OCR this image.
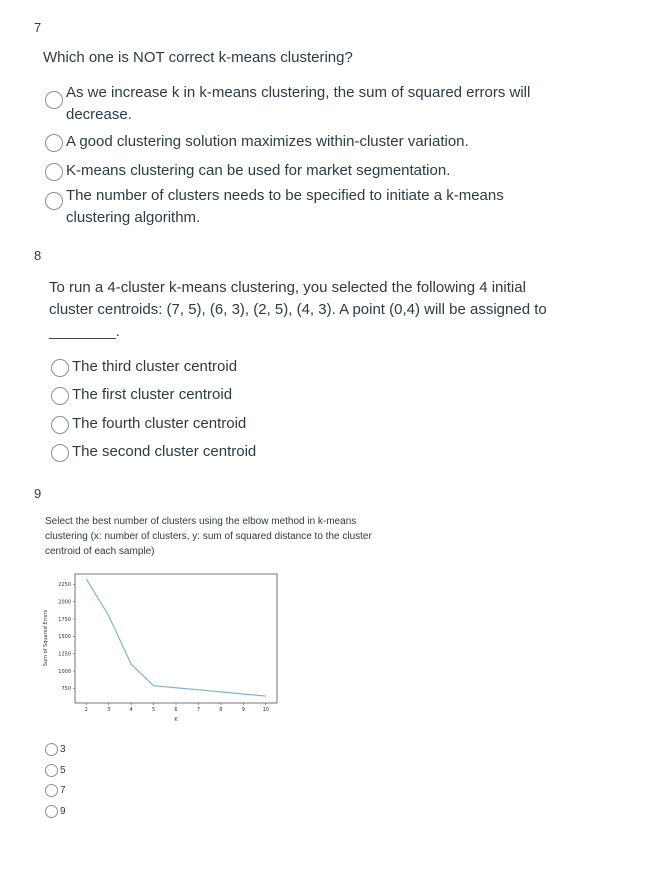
7
Which one is NOT correct k-means clustering?
As we increase k in k-means clustering, the sum of squared errors will
decrease.
A good clustering solution maximizes within-cluster variation.
K-means clustering can be used for market segmentation.
The number of clusters needs to be specified to initiate a k-means
clustering algorithm.
8
To run a 4-cluster k-means clustering, you selected the following 4 initial
cluster centroids: (7, 5), (6, 3), (2, 5), (4, 3). A point (0,4) will be assigned to
________.
The third cluster centroid
The first cluster centroid
The fourth cluster centroid
The second cluster centroid
9
Select the best number of clusters using the elbow method in k-means
clustering (x: number of clusters, y: sum of squared distance to the cluster
centroid of each sample)
750
1000
1250
1500
1750
2000
2250
2	3	4	5	6	7	8	9	10
K
Sum of Squared Errors
3
5
7
9
